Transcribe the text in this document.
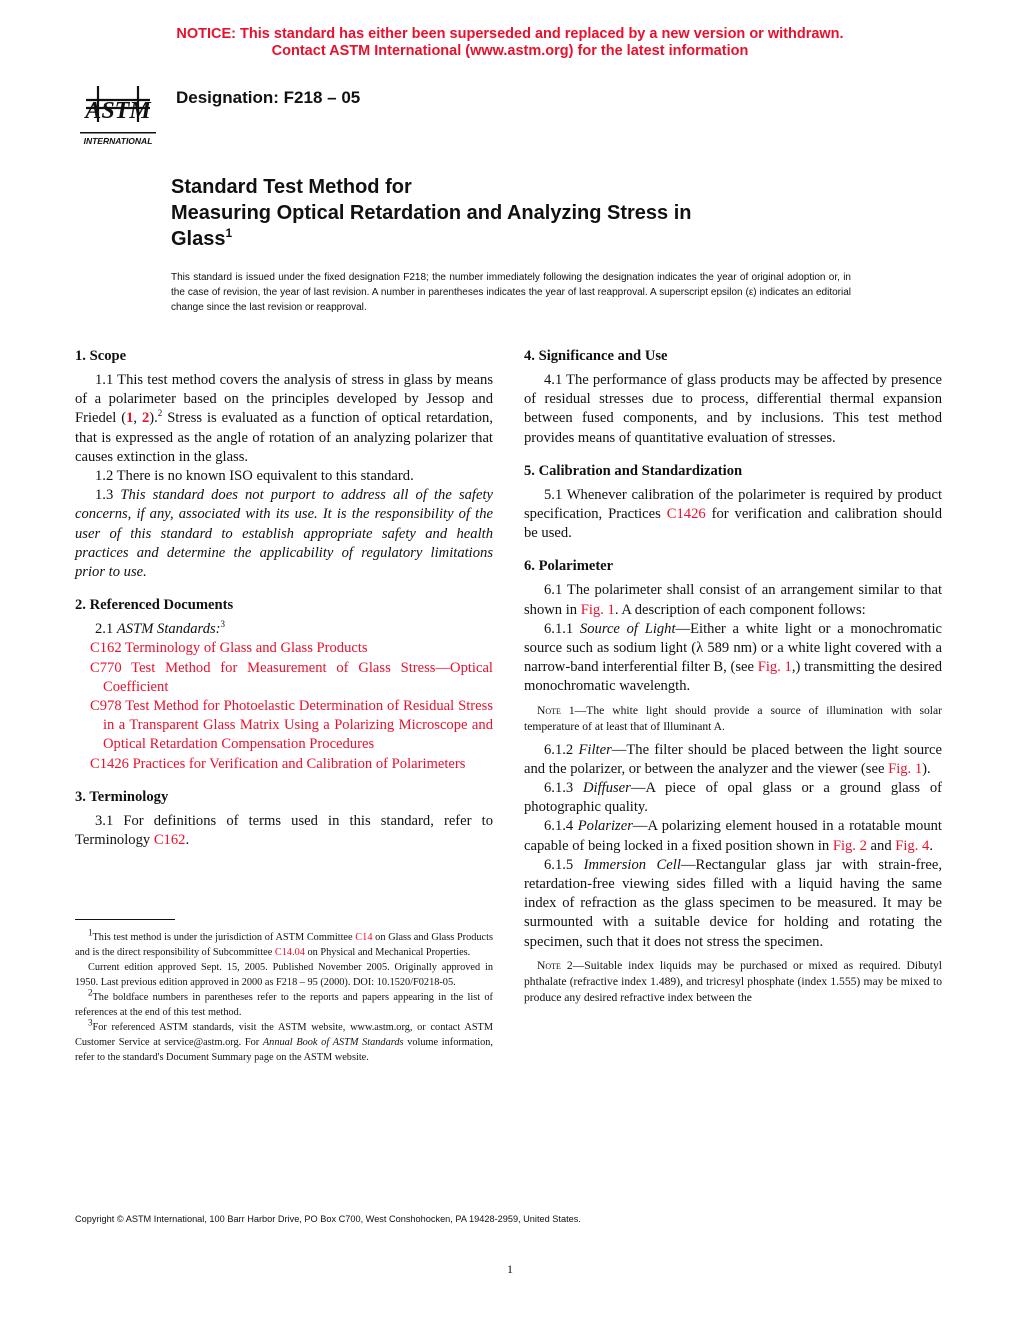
NOTICE: This standard has either been superseded and replaced by a new version or withdrawn.
Contact ASTM International (www.astm.org) for the latest information
ASTM
INTERNATIONAL
Designation: F218 – 05
Standard Test Method for
Measuring Optical Retardation and Analyzing Stress in
Glass$^1$
This standard is issued under the fixed designation F218; the number immediately following the designation indicates the year of original adoption or, in the case of revision, the year of last revision. A number in parentheses indicates the year of last reapproval. A superscript epsilon (ε) indicates an editorial change since the last revision or reapproval.
1. Scope

1.1 This test method covers the analysis of stress in glass by means of a polarimeter based on the principles developed by Jessop and Friedel (1, 2).$^2$ Stress is evaluated as a function of optical retardation, that is expressed as the angle of rotation of an analyzing polarizer that causes extinction in the glass.

1.2 There is no known ISO equivalent to this standard.

1.3 This standard does not purport to address all of the safety concerns, if any, associated with its use. It is the responsibility of the user of this standard to establish appropriate safety and health practices and determine the applicability of regulatory limitations prior to use.

2. Referenced Documents

2.1 ASTM Standards:$^3$

C162 Terminology of Glass and Glass Products

C770 Test Method for Measurement of Glass Stress—Optical Coefficient

C978 Test Method for Photoelastic Determination of Residual Stress in a Transparent Glass Matrix Using a Polarizing Microscope and Optical Retardation Compensation Procedures

C1426 Practices for Verification and Calibration of Polarimeters

3. Terminology

3.1 For definitions of terms used in this standard, refer to Terminology C162.

4. Significance and Use

4.1 The performance of glass products may be affected by presence of residual stresses due to process, differential thermal expansion between fused components, and by inclusions. This test method provides means of quantitative evaluation of stresses.

5. Calibration and Standardization

5.1 Whenever calibration of the polarimeter is required by product specification, Practices C1426 for verification and calibration should be used.

6. Polarimeter

6.1 The polarimeter shall consist of an arrangement similar to that shown in Fig. 1. A description of each component follows:

6.1.1 Source of Light—Either a white light or a monochromatic source such as sodium light (λ 589 nm) or a white light covered with a narrow-band interferential filter B, (see Fig. 1,) transmitting the desired monochromatic wavelength.

Note 1—The white light should provide a source of illumination with solar temperature of at least that of Illuminant A.

6.1.2 Filter—The filter should be placed between the light source and the polarizer, or between the analyzer and the viewer (see Fig. 1).

6.1.3 Diffuser—A piece of opal glass or a ground glass of photographic quality.

6.1.4 Polarizer—A polarizing element housed in a rotatable mount capable of being locked in a fixed position shown in Fig. 2 and Fig. 4.

6.1.5 Immersion Cell—Rectangular glass jar with strain-free, retardation-free viewing sides filled with a liquid having the same index of refraction as the glass specimen to be measured. It may be surmounted with a suitable device for holding and rotating the specimen, such that it does not stress the specimen.

Note 2—Suitable index liquids may be purchased or mixed as required. Dibutyl phthalate (refractive index 1.489), and tricresyl phosphate (index 1.555) may be mixed to produce any desired refractive index between the

$^1$This test method is under the jurisdiction of ASTM Committee C14 on Glass and Glass Products and is the direct responsibility of Subcommittee C14.04 on Physical and Mechanical Properties.

Current edition approved Sept. 15, 2005. Published November 2005. Originally approved in 1950. Last previous edition approved in 2000 as F218 – 95 (2000). DOI: 10.1520/F0218-05.

$^2$The boldface numbers in parentheses refer to the reports and papers appearing in the list of references at the end of this test method.

$^3$For referenced ASTM standards, visit the ASTM website, www.astm.org, or contact ASTM Customer Service at service@astm.org. For Annual Book of ASTM Standards volume information, refer to the standard's Document Summary page on the ASTM website.

Copyright © ASTM International, 100 Barr Harbor Drive, PO Box C700, West Conshohocken, PA 19428-2959, United States.
1
